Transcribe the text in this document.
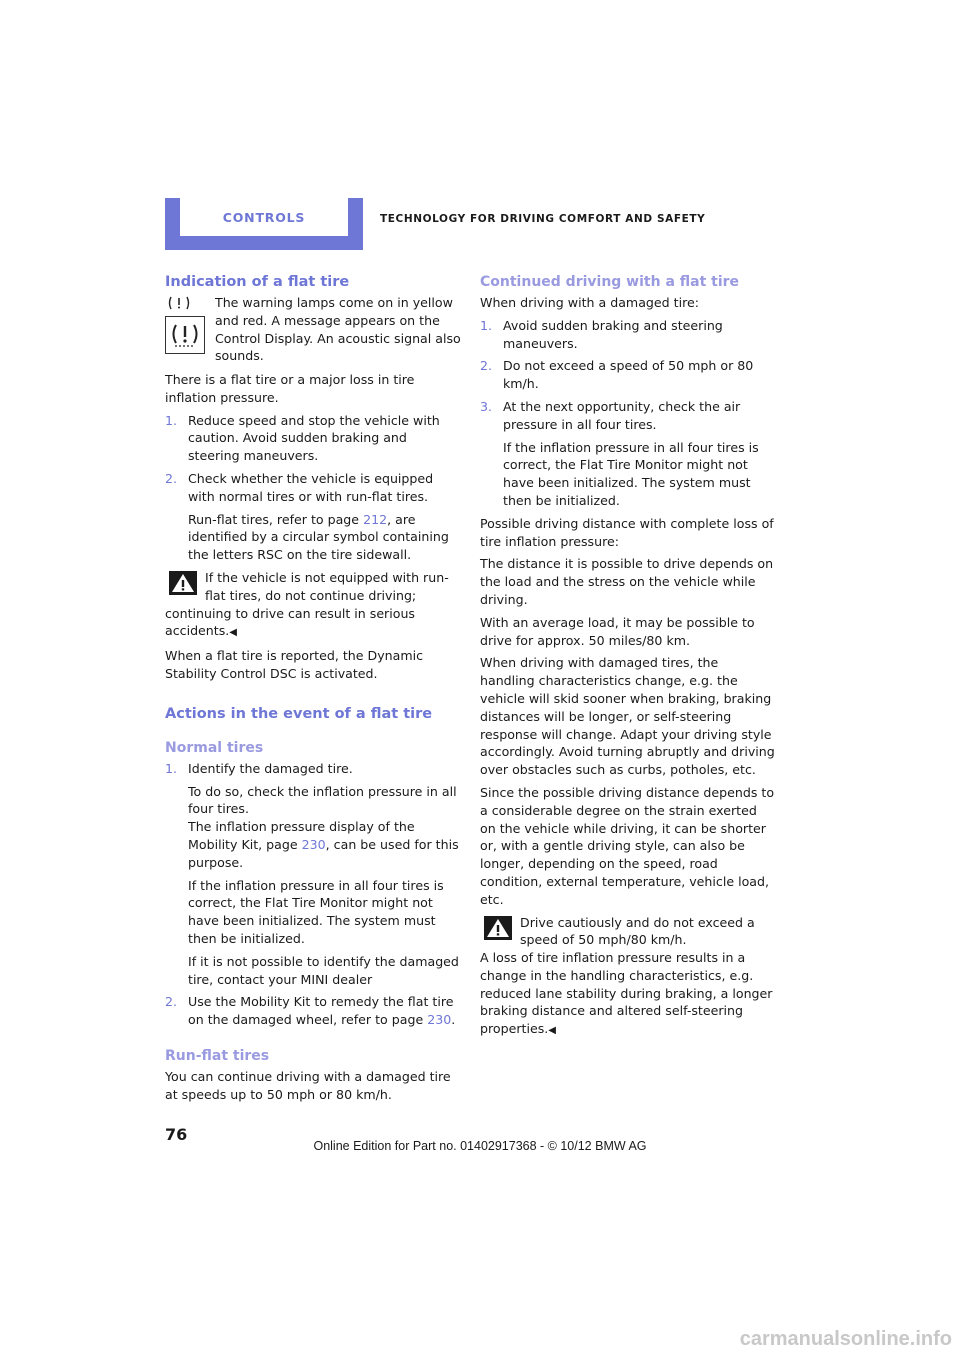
CONTROLS	TECHNOLOGY FOR DRIVING COMFORT AND SAFETY
Indication of a flat tire
The warning lamps come on in yellow and red. A message appears on the Control Display. An acoustic signal also sounds.

There is a flat tire or a major loss in tire inflation pressure.

1. Reduce speed and stop the vehicle with caution. Avoid sudden braking and steering maneuvers.
2. Check whether the vehicle is equipped with normal tires or with run-flat tires.
Run-flat tires, refer to page 212, are identified by a circular symbol containing the letters RSC on the tire sidewall.

If the vehicle is not equipped with run-flat tires, do not continue driving; continuing to drive can result in serious accidents.◀

When a flat tire is reported, the Dynamic Stability Control DSC is activated.

Actions in the event of a flat tire
Normal tires
1. Identify the damaged tire.
To do so, check the inflation pressure in all four tires.
The inflation pressure display of the Mobility Kit, page 230, can be used for this purpose.
If the inflation pressure in all four tires is correct, the Flat Tire Monitor might not have been initialized. The system must then be initialized.
If it is not possible to identify the damaged tire, contact your MINI dealer
2. Use the Mobility Kit to remedy the flat tire on the damaged wheel, refer to page 230.
Run-flat tires

You can continue driving with a damaged tire at speeds up to 50 mph or 80 km/h.

Continued driving with a flat tire

When driving with a damaged tire:

1. Avoid sudden braking and steering maneuvers.
2. Do not exceed a speed of 50 mph or 80 km/h.
3. At the next opportunity, check the air pressure in all four tires.
If the inflation pressure in all four tires is correct, the Flat Tire Monitor might not have been initialized. The system must then be initialized.

Possible driving distance with complete loss of tire inflation pressure:

The distance it is possible to drive depends on the load and the stress on the vehicle while driving.

With an average load, it may be possible to drive for approx. 50 miles/80 km.

When driving with damaged tires, the handling characteristics change, e.g. the vehicle will skid sooner when braking, braking distances will be longer, or self-steering response will change. Adapt your driving style accordingly. Avoid turning abruptly and driving over obstacles such as curbs, potholes, etc.

Since the possible driving distance depends to a considerable degree on the strain exerted on the vehicle while driving, it can be shorter or, with a gentle driving style, can also be longer, depending on the speed, road condition, external temperature, vehicle load, etc.

Drive cautiously and do not exceed a speed of 50 mph/80 km/h.
A loss of tire inflation pressure results in a change in the handling characteristics, e.g. reduced lane stability during braking, a longer braking distance and altered self-steering properties.◀

76
Online Edition for Part no. 01402917368 - © 10/12 BMW AG
carmanualsonline.info
